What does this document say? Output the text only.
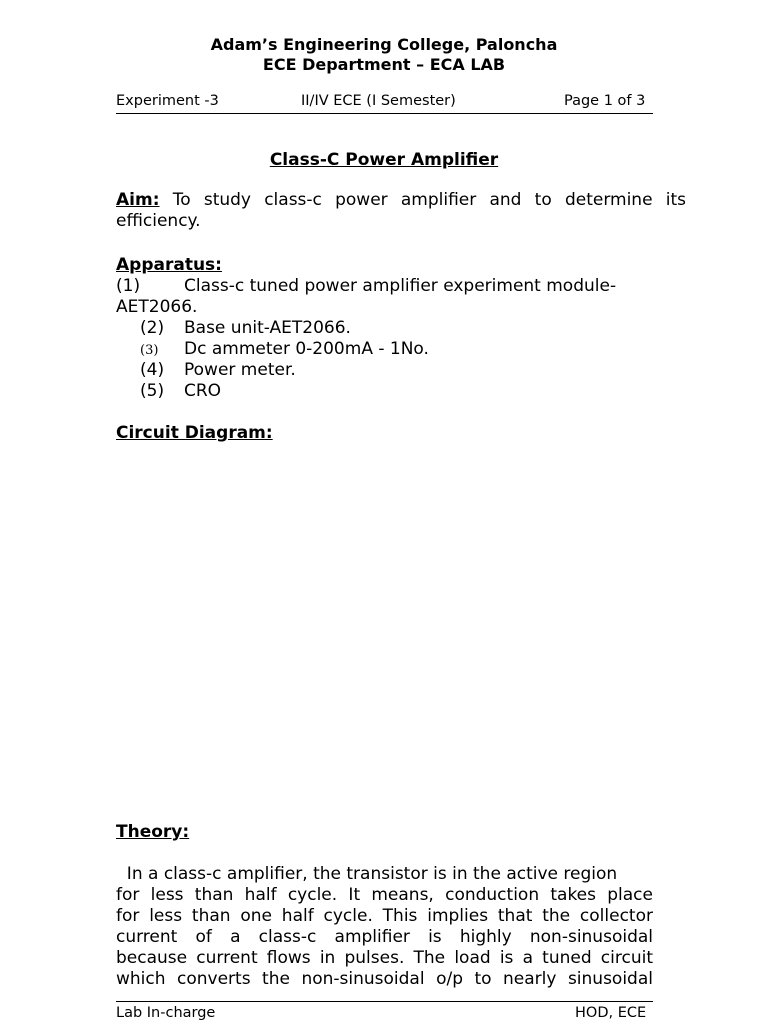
Adam’s Engineering College, Paloncha
ECE Department – ECA LAB
Experiment -3	II/IV ECE (I Semester)	Page 1 of 3
Class-C Power Amplifier
Aim: To study class-c power amplifier and to determine its efficiency.
Apparatus:
(1)	Class-c tuned power amplifier experiment module-
AET2066.
(2) Base unit-AET2066.
(3) Dc ammeter 0-200mA - 1No.
(4) Power meter.
(5) CRO
Circuit Diagram:
Theory:
In a class-c amplifier, the transistor is in the active region
for less than half cycle. It means, conduction takes place
for less than one half cycle. This implies that the collector
current of a class-c amplifier is highly non-sinusoidal
because current flows in pulses. The load is a tuned circuit
which converts the non-sinusoidal o/p to nearly sinusoidal
Lab In-charge	HOD, ECE
